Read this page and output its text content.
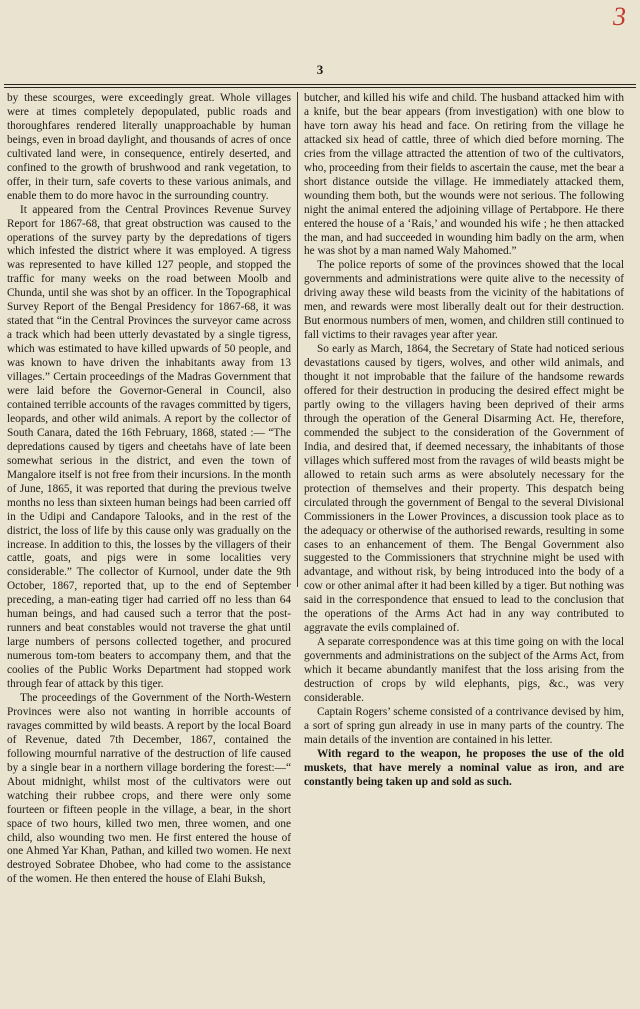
3
3

by these scourges, were exceedingly great. Whole villages were at times completely depopulated, public roads and thoroughfares rendered literally unapproachable by human beings, even in broad daylight, and thousands of acres of once cultivated land were, in consequence, entirely deserted, and confined to the growth of brushwood and rank vegetation, to offer, in their turn, safe coverts to these various animals, and enable them to do more havoc in the surrounding country.

It appeared from the Central Provinces Revenue Survey Report for 1867-68, that great obstruction was caused to the operations of the survey party by the depredations of tigers which infested the district where it was employed. A tigress was represented to have killed 127 people, and stopped the traffic for many weeks on the road between Moolb and Chunda, until she was shot by an officer. In the Topographical Survey Report of the Bengal Presidency for 1867-68, it was stated that “in the Central Provinces the surveyor came across a track which had been utterly devastated by a single tigress, which was estimated to have killed upwards of 50 people, and was known to have driven the inhabitants away from 13 villages.” Certain proceedings of the Madras Government that were laid before the Governor-General in Council, also contained terrible accounts of the ravages committed by tigers, leopards, and other wild animals. A report by the collector of South Canara, dated the 16th February, 1868, stated :— “The depredations caused by tigers and cheetahs have of late been somewhat serious in the district, and even the town of Mangalore itself is not free from their incursions. In the month of June, 1865, it was reported that during the previous twelve months no less than sixteen human beings had been carried off in the Udipi and Candapore Talooks, and in the rest of the district, the loss of life by this cause only was gradually on the increase. In addition to this, the losses by the villagers of their cattle, goats, and pigs were in some localities very considerable.” The collector of Kurnool, under date the 9th October, 1867, reported that, up to the end of September preceding, a man-eating tiger had carried off no less than 64 human beings, and had caused such a terror that the post-runners and beat constables would not traverse the ghat until large numbers of persons collected together, and procured numerous tom-tom beaters to accompany them, and that the coolies of the Public Works Department had stopped work through fear of attack by this tiger.

The proceedings of the Government of the North-Western Provinces were also not wanting in horrible accounts of ravages committed by wild beasts. A report by the local Board of Revenue, dated 7th December, 1867, contained the following mournful narrative of the destruction of life caused by a single bear in a northern village bordering the forest:—“ About midnight, whilst most of the cultivators were out watching their rubbee crops, and there were only some fourteen or fifteen people in the village, a bear, in the short space of two hours, killed two men, three women, and one child, also wounding two men. He first entered the house of one Ahmed Yar Khan, Pathan, and killed two women. He next destroyed Sobratee Dhobee, who had come to the assistance of the women. He then entered the house of Elahi Buksh,

butcher, and killed his wife and child. The husband attacked him with a knife, but the bear appears (from investigation) with one blow to have torn away his head and face. On retiring from the village he attacked six head of cattle, three of which died before morning. The cries from the village attracted the attention of two of the cultivators, who, proceeding from their fields to ascertain the cause, met the bear a short distance outside the village. He immediately attacked them, wounding them both, but the wounds were not serious. The following night the animal entered the adjoining village of Pertabpore. He there entered the house of a ‘Rais,’ and wounded his wife ; he then attacked the man, and had succeeded in wounding him badly on the arm, when he was shot by a man named Waly Mahomed.”

The police reports of some of the provinces showed that the local governments and administrations were quite alive to the necessity of driving away these wild beasts from the vicinity of the habitations of men, and rewards were most liberally dealt out for their destruction. But enormous numbers of men, women, and children still continued to fall victims to their ravages year after year.

So early as March, 1864, the Secretary of State had noticed serious devastations caused by tigers, wolves, and other wild animals, and thought it not improbable that the failure of the handsome rewards offered for their destruction in producing the desired effect might be partly owing to the villagers having been deprived of their arms through the operation of the General Disarming Act. He, therefore, commended the subject to the consideration of the Government of India, and desired that, if deemed necessary, the inhabitants of those villages which suffered most from the ravages of wild beasts might be allowed to retain such arms as were absolutely necessary for the protection of themselves and their property. This despatch being circulated through the government of Bengal to the several Divisional Commissioners in the Lower Provinces, a discussion took place as to the adequacy or otherwise of the authorised rewards, resulting in some cases to an enhancement of them. The Bengal Government also suggested to the Commissioners that strychnine might be used with advantage, and without risk, by being introduced into the body of a cow or other animal after it had been killed by a tiger. But nothing was said in the correspondence that ensued to lead to the conclusion that the operations of the Arms Act had in any way contributed to aggravate the evils complained of.

A separate correspondence was at this time going on with the local governments and administrations on the subject of the Arms Act, from which it became abundantly manifest that the loss arising from the destruction of crops by wild elephants, pigs, &c., was very considerable.

Captain Rogers’ scheme consisted of a contrivance devised by him, a sort of spring gun already in use in many parts of the country. The main details of the invention are contained in his letter.

With regard to the weapon, he proposes the use of the old muskets, that have merely a nominal value as iron, and are constantly being taken up and sold as such.
